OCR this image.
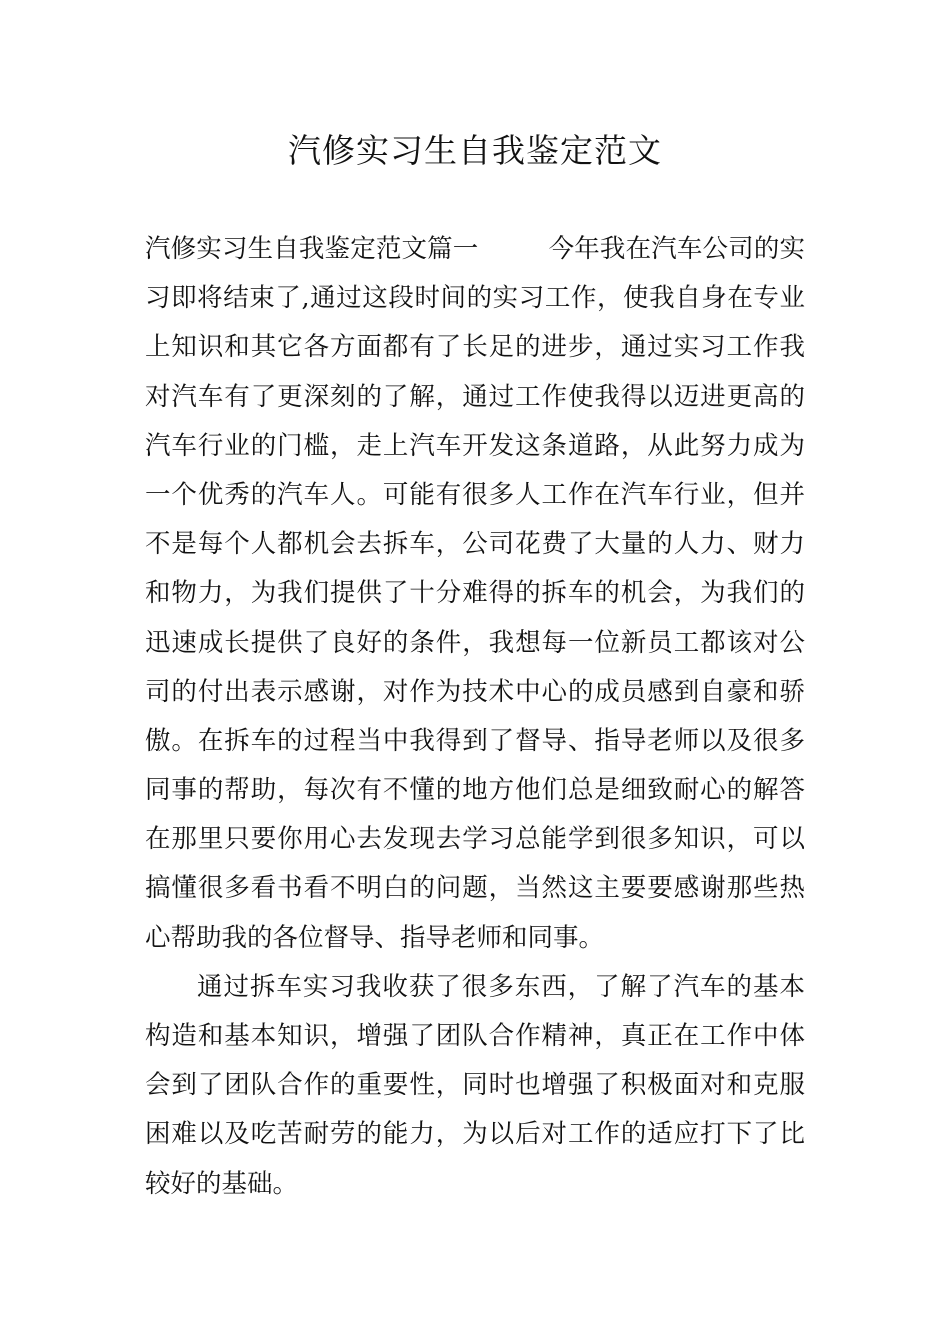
汽修实习生自我鉴定范文
汽修实习生自我鉴定范文篇一	今年我在汽车公司的实
习即将结束了,通过这段时间的实习工作，使我自身在专业
上知识和其它各方面都有了长足的进步，通过实习工作我
对汽车有了更深刻的了解，通过工作使我得以迈进更高的
汽车行业的门槛，走上汽车开发这条道路，从此努力成为
一个优秀的汽车人。可能有很多人工作在汽车行业，但并
不是每个人都机会去拆车，公司花费了大量的人力、财力
和物力，为我们提供了十分难得的拆车的机会，为我们的
迅速成长提供了良好的条件，我想每一位新员工都该对公
司的付出表示感谢，对作为技术中心的成员感到自豪和骄
傲。在拆车的过程当中我得到了督导、指导老师以及很多
同事的帮助，每次有不懂的地方他们总是细致耐心的解答
在那里只要你用心去发现去学习总能学到很多知识，可以
搞懂很多看书看不明白的问题，当然这主要要感谢那些热
心帮助我的各位督导、指导老师和同事。
通过拆车实习我收获了很多东西，了解了汽车的基本
构造和基本知识，增强了团队合作精神，真正在工作中体
会到了团队合作的重要性，同时也增强了积极面对和克服
困难以及吃苦耐劳的能力，为以后对工作的适应打下了比
较好的基础。
